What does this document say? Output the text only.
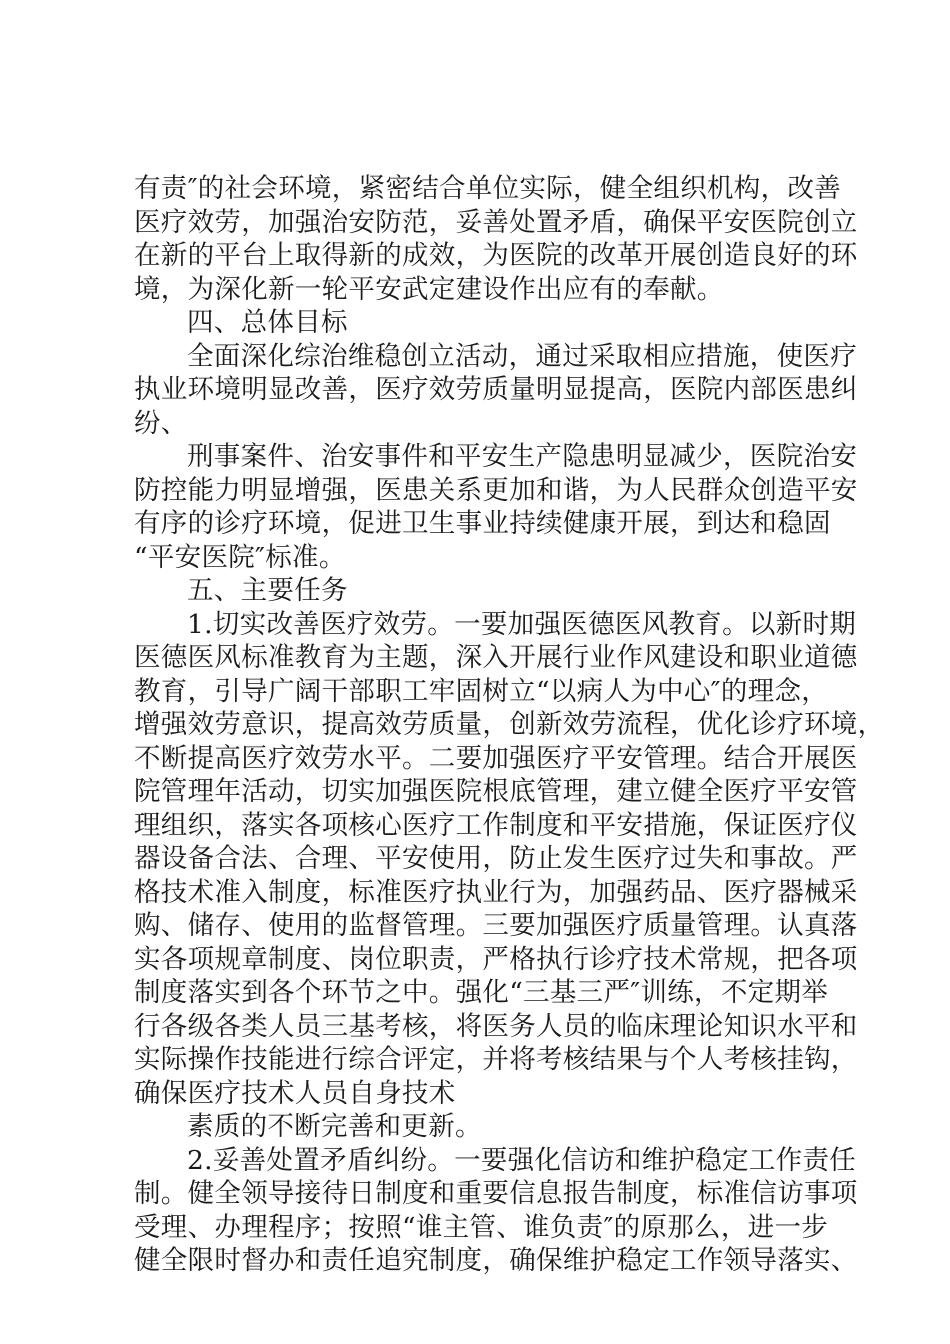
有责″的社会环境，紧密结合单位实际，健全组织机构，改善
医疗效劳，加强治安防范，妥善处置矛盾，确保平安医院创立
在新的平台上取得新的成效，为医院的改革开展创造良好的环
境，为深化新一轮平安武定建设作出应有的奉献。
四、总体目标
全面深化综治维稳创立活动，通过采取相应措施，使医疗
执业环境明显改善，医疗效劳质量明显提高，医院内部医患纠
纷、
刑事案件、治安事件和平安生产隐患明显减少，医院治安
防控能力明显增强，医患关系更加和谐，为人民群众创造平安
有序的诊疗环境，促进卫生事业持续健康开展，到达和稳固
“平安医院″标准。
五、主要任务
1.切实改善医疗效劳。一要加强医德医风教育。以新时期
医德医风标准教育为主题，深入开展行业作风建设和职业道德
教育，引导广阔干部职工牢固树立“以病人为中心″的理念，
增强效劳意识，提高效劳质量，创新效劳流程，优化诊疗环境，
不断提高医疗效劳水平。二要加强医疗平安管理。结合开展医
院管理年活动，切实加强医院根底管理，建立健全医疗平安管
理组织，落实各项核心医疗工作制度和平安措施，保证医疗仪
器设备合法、合理、平安使用，防止发生医疗过失和事故。严
格技术准入制度，标准医疗执业行为，加强药品、医疗器械采
购、储存、使用的监督管理。三要加强医疗质量管理。认真落
实各项规章制度、岗位职责，严格执行诊疗技术常规，把各项
制度落实到各个环节之中。强化“三基三严″训练，不定期举
行各级各类人员三基考核，将医务人员的临床理论知识水平和
实际操作技能进行综合评定，并将考核结果与个人考核挂钩，
确保医疗技术人员自身技术
素质的不断完善和更新。
2.妥善处置矛盾纠纷。一要强化信访和维护稳定工作责任
制。健全领导接待日制度和重要信息报告制度，标准信访事项
受理、办理程序；按照“谁主管、谁负责″的原那么，进一步
健全限时督办和责任追究制度，确保维护稳定工作领导落实、
